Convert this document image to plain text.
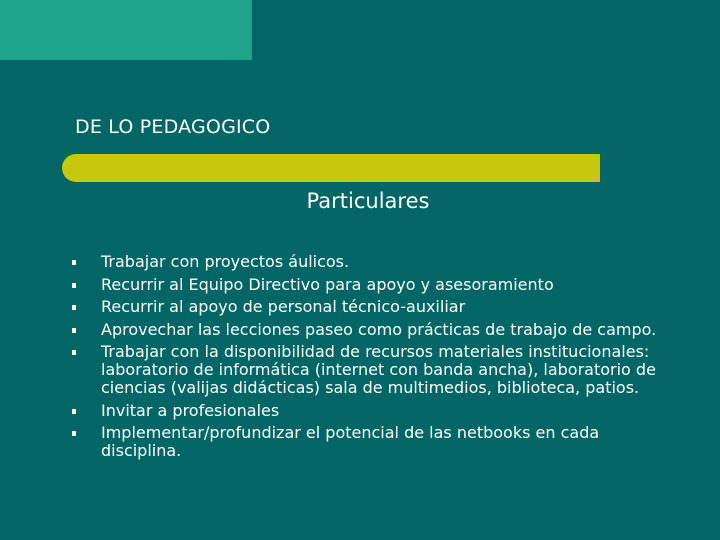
DE LO PEDAGOGICO
Particulares
Trabajar con proyectos áulicos.
Recurrir al Equipo Directivo para apoyo y asesoramiento
Recurrir al apoyo de personal técnico-auxiliar
Aprovechar las lecciones paseo como prácticas de trabajo de campo.
Trabajar con la disponibilidad de recursos materiales institucionales: laboratorio de informática (internet con banda ancha), laboratorio de ciencias (valijas didácticas) sala de multimedios, biblioteca, patios.
Invitar a profesionales
Implementar/profundizar el potencial de las netbooks en cada disciplina.
